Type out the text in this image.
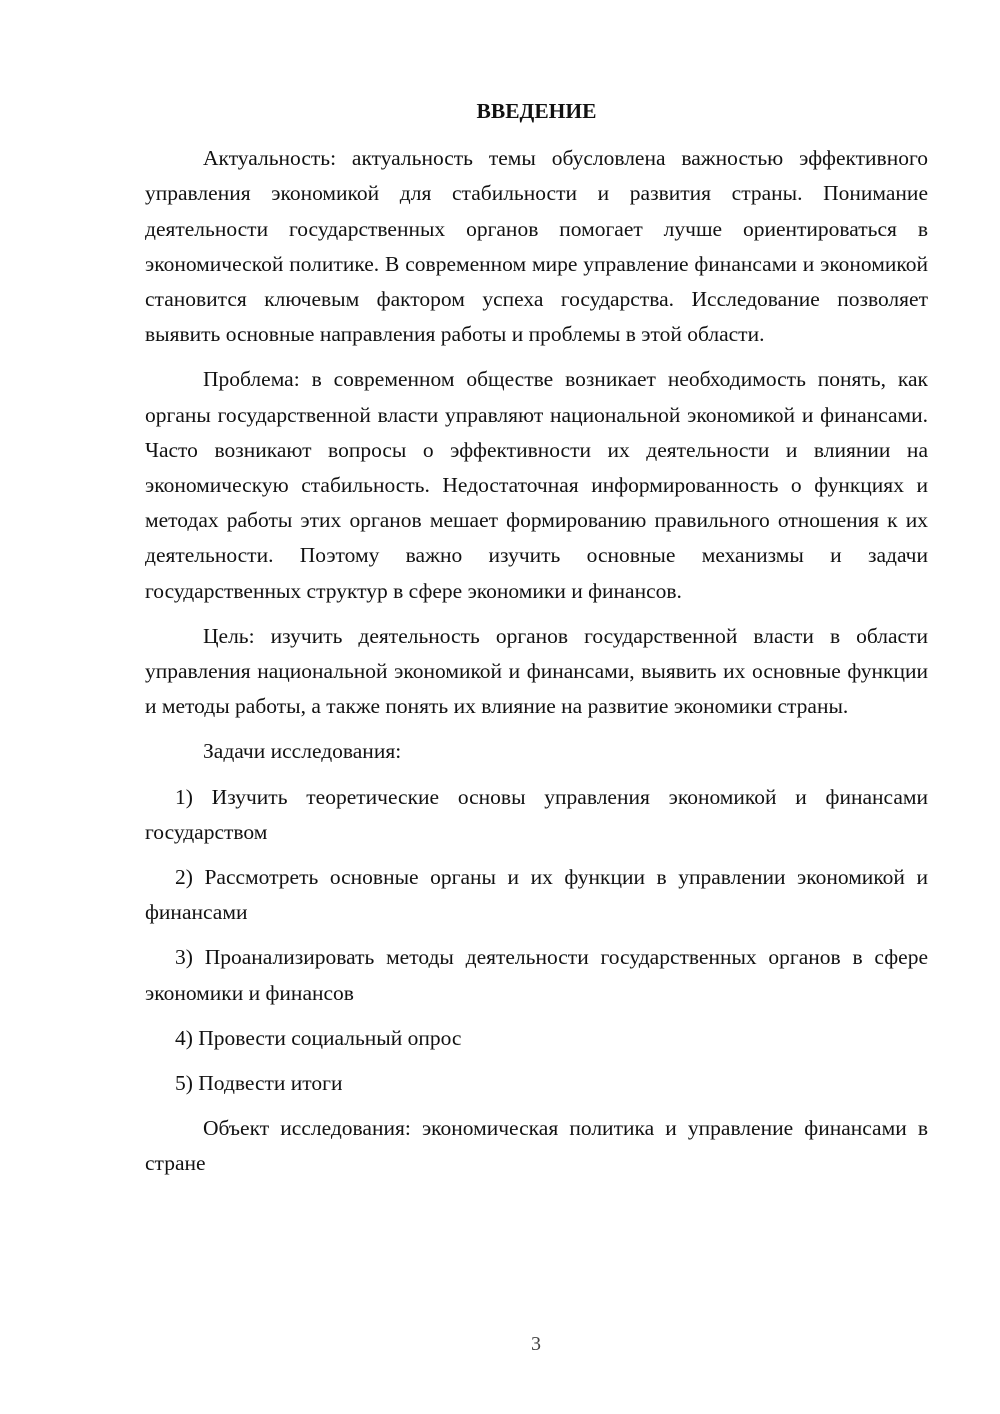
ВВЕДЕНИЕ

Актуальность: актуальность темы обусловлена важностью эффективного управления экономикой для стабильности и развития страны. Понимание деятельности государственных органов помогает лучше ориентироваться в экономической политике. В современном мире управление финансами и экономикой становится ключевым фактором успеха государства. Исследование позволяет выявить основные направления работы и проблемы в этой области.

Проблема: в современном обществе возникает необходимость понять, как органы государственной власти управляют национальной экономикой и финансами. Часто возникают вопросы о эффективности их деятельности и влиянии на экономическую стабильность. Недостаточная информированность о функциях и методах работы этих органов мешает формированию правильного отношения к их деятельности. Поэтому важно изучить основные механизмы и задачи государственных структур в сфере экономики и финансов.

Цель: изучить деятельность органов государственной власти в области управления национальной экономикой и финансами, выявить их основные функции и методы работы, а также понять их влияние на развитие экономики страны.

Задачи исследования:

1) Изучить теоретические основы управления экономикой и финансами государством

2) Рассмотреть основные органы и их функции в управлении экономикой и финансами

3) Проанализировать методы деятельности государственных органов в сфере экономики и финансов

4) Провести социальный опрос

5) Подвести итоги

Объект исследования: экономическая политика и управление финансами в стране

3
